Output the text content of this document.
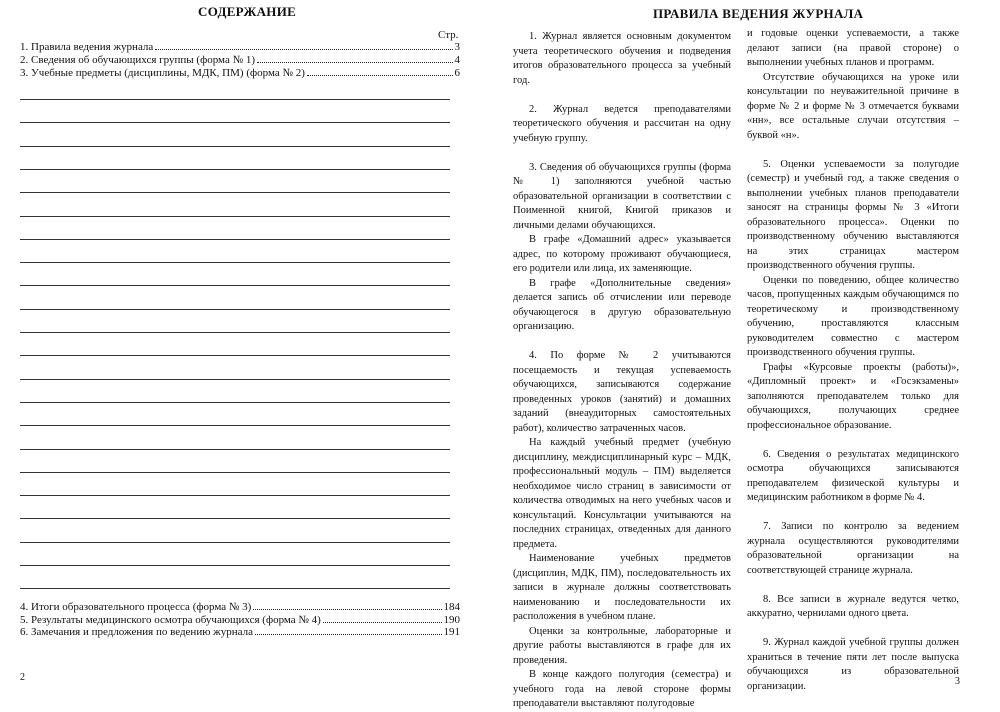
СОДЕРЖАНИЕ
Стр.
1. Правила ведения журнала	3
2. Сведения об обучающихся группы (форма № 1)	4
3. Учебные предметы (дисциплины, МДК, ПМ) (форма № 2)	6
4. Итоги образовательного процесса (форма № 3)	184
5. Результаты медицинского осмотра обучающихся (форма № 4)	190
6. Замечания и предложения по ведению журнала	191
2
ПРАВИЛА ВЕДЕНИЯ ЖУРНАЛА

1. Журнал является основным документом учета теоретического обучения и подведения итогов образовательного процесса за учебный год.

2. Журнал ведется преподавателями теоретического обучения и рассчитан на одну учебную группу.

3. Сведения об обучающихся группы (форма № 1) заполняются учебной частью образовательной организации в соответствии с Поименной книгой, Книгой приказов и личными делами обучающихся.

В графе «Домашний адрес» указывается адрес, по которому проживают обучающиеся, его родители или лица, их заменяющие.

В графе «Дополнительные сведения» делается запись об отчислении или переводе обучающегося в другую образовательную организацию.

4. По форме № 2 учитываются посещаемость и текущая успеваемость обучающихся, записываются содержание проведенных уроков (занятий) и домашних заданий (внеаудиторных самостоятельных работ), количество затраченных часов.

На каждый учебный предмет (учебную дисциплину, междисциплинарный курс – МДК, профессиональный модуль – ПМ) выделяется необходимое число страниц в зависимости от количества отводимых на него учебных часов и консультаций. Консультации учитываются на последних страницах, отведенных для данного предмета.

Наименование учебных предметов (дисциплин, МДК, ПМ), последовательность их записи в журнале должны соответствовать наименованию и последовательности их расположения в учебном плане.

Оценки за контрольные, лабораторные и другие работы выставляются в графе для их проведения.

В конце каждого полугодия (семестра) и учебного года на левой стороне формы преподаватели выставляют полугодовые

и годовые оценки успеваемости, а также делают записи (на правой стороне) о выполнении учебных планов и программ.

Отсутствие обучающихся на уроке или консультации по неуважительной причине в форме № 2 и форме № 3 отмечается буквами «нн», все остальные случаи отсутствия – буквой «н».

5. Оценки успеваемости за полугодие (семестр) и учебный год, а также сведения о выполнении учебных планов преподаватели заносят на страницы формы № 3 «Итоги образовательного процесса». Оценки по производственному обучению выставляются на этих страницах мастером производственного обучения группы.

Оценки по поведению, общее количество часов, пропущенных каждым обучающимся по теоретическому и производственному обучению, проставляются классным руководителем совместно с мастером производственного обучения группы.

Графы «Курсовые проекты (работы)», «Дипломный проект» и «Госэкзамены» заполняются преподавателем только для обучающихся, получающих среднее профессиональное образование.

6. Сведения о результатах медицинского осмотра обучающихся записываются преподавателем физической культуры и медицинским работником в форме № 4.

7. Записи по контролю за ведением журнала осуществляются руководителями образовательной организации на соответствующей странице журнала.

8. Все записи в журнале ведутся четко, аккуратно, чернилами одного цвета.

9. Журнал каждой учебной группы должен храниться в течение пяти лет после выпуска обучающихся из образовательной организации.	3
